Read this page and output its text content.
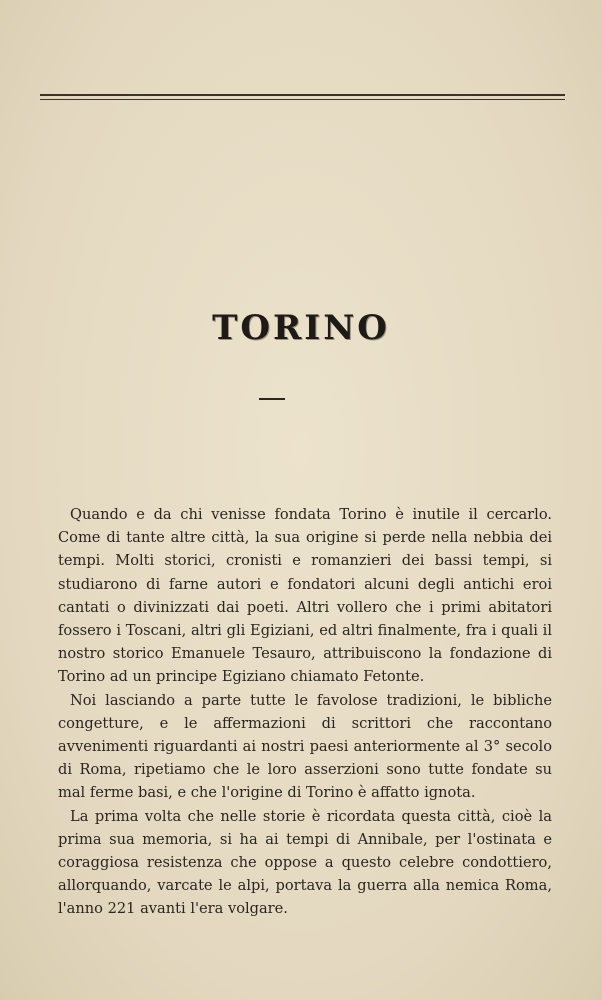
TORINO

Quando e da chi venisse fondata Torino è inutile il cercarlo. Come di tante altre città, la sua origine si perde nella nebbia dei tempi. Molti storici, cronisti e romanzieri dei bassi tempi, si studiarono di farne autori e fondatori alcuni degli antichi eroi cantati o divinizzati dai poeti. Altri vollero che i primi abitatori fossero i Toscani, altri gli Egiziani, ed altri finalmente, fra i quali il nostro storico Emanuele Tesauro, attribuiscono la fondazione di Torino ad un principe Egiziano chiamato Fetonte.

Noi lasciando a parte tutte le favolose tradizioni, le bibliche congetture, e le affermazioni di scrittori che raccontano avvenimenti riguardanti ai nostri paesi anteriormente al 3° secolo di Roma, ripetiamo che le loro asserzioni sono tutte fondate su mal ferme basi, e che l'origine di Torino è affatto ignota.

La prima volta che nelle storie è ricordata questa città, cioè la prima sua memoria, si ha ai tempi di Annibale, per l'ostinata e coraggiosa resistenza che oppose a questo celebre condottiero, allorquando, varcate le alpi, portava la guerra alla nemica Roma, l'anno 221 avanti l'era volgare.
